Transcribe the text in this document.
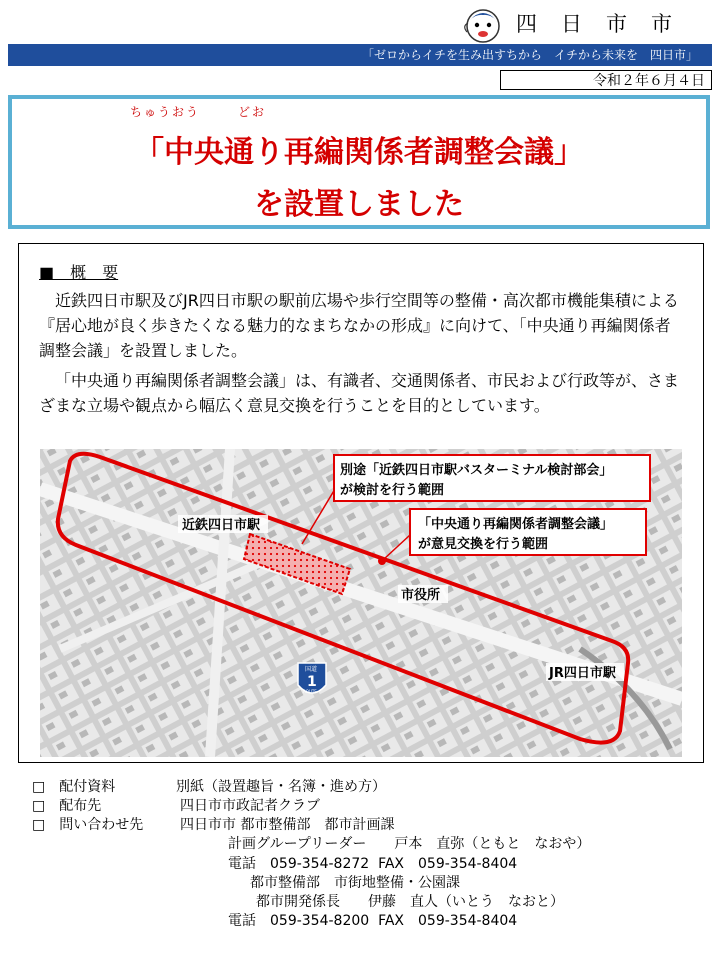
四日市市
「ゼロからイチを生み出すちから　イチから未来を　四日市」
令和２年６月４日
ちゅうおう	どお
「中央通り再編関係者調整会議」
を設置しました
■　概　要
近鉄四日市駅及びJR四日市駅の駅前広場や歩行空間等の整備・高次都市機能集積による『居心地が良く歩きたくなる魅力的なまちなかの形成』に向けて、「中央通り再編関係者調整会議」を設置しました。
「中央通り再編関係者調整会議」は、有識者、交通関係者、市民および行政等が、さまざまな立場や観点から幅広く意見交換を行うことを目的としています。
別途「近鉄四日市駅バスターミナル検討部会」
が検討を行う範囲
「中央通り再編関係者調整会議」
が意見交換を行う範囲
近鉄四日市駅
市役所
JR四日市駅
国道
1
ROUTE
□　配付資料	別紙（設置趣旨・名簿・進め方）
□　配布先	四日市市政記者クラブ
□　問い合わせ先	四日市市 都市整備部　都市計画課
計画グループリーダー　　戸本　直弥（ともと　なおや）
電話　059-354-8272  FAX　059-354-8404
都市整備部　市街地整備・公園課
都市開発係長　　伊藤　直人（いとう　なおと）
電話　059-354-8200  FAX　059-354-8404
